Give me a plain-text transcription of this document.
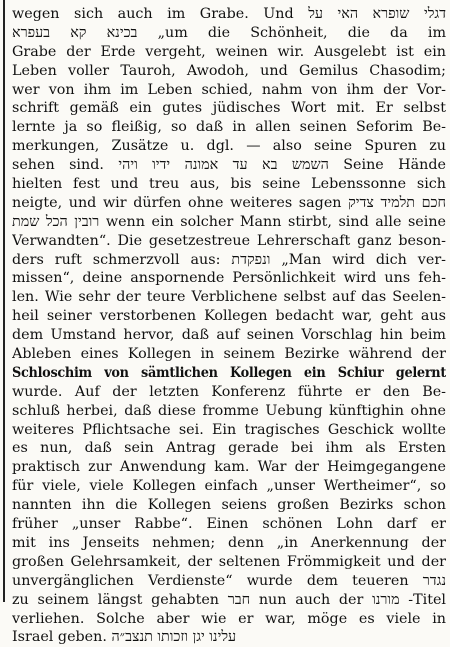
wegen sich auch im Grabe. Und דגלי שופרא האי על
בכינא קא בעפרא „um die Schönheit, die da im
Grabe der Erde vergeht, weinen wir. Ausgelebt ist ein
Leben voller Tauroh, Awodoh, und Gemilus Chasodim;
wer von ihm im Leben schied, nahm von ihm der Vor-
schrift gemäß ein gutes jüdisches Wort mit. Er selbst
lernte ja so fleißig, so daß in allen seinen Seforim Be-
merkungen, Zusätze u. dgl. — also seine Spuren zu
sehen sind. השמש בא עד אמונה ידיו ויהי Seine Hände
hielten fest und treu aus, bis seine Lebenssonne sich
neigte, und wir dürfen ohne weiteres sagen חכם תלמיד צדיק
רובין הכל שמת wenn ein solcher Mann stirbt, sind alle seine
Verwandten“. Die gesetzestreue Lehrerschaft ganz beson-
ders ruft schmerzvoll aus: ונפקדת „Man wird dich ver-
missen“, deine anspornende Persönlichkeit wird uns feh-
len. Wie sehr der teure Verblichene selbst auf das Seelen-
heil seiner verstorbenen Kollegen bedacht war, geht aus
dem Umstand hervor, daß auf seinen Vorschlag hin beim
Ableben eines Kollegen in seinem Bezirke während der
Schloschim von sämtlichen Kollegen ein Schiur gelernt
wurde. Auf der letzten Konferenz führte er den Be-
schluß herbei, daß diese fromme Uebung künftighin ohne
weiteres Pflichtsache sei. Ein tragisches Geschick wollte
es nun, daß sein Antrag gerade bei ihm als Ersten
praktisch zur Anwendung kam. War der Heimgegangene
für viele, viele Kollegen einfach „unser Wertheimer“, so
nannten ihn die Kollegen seiens großen Bezirks schon
früher „unser Rabbe“. Einen schönen Lohn darf er
mit ins Jenseits nehmen; denn „in Anerkennung der
großen Gelehrsamkeit, der seltenen Frömmigkeit und der
unvergänglichen Verdienste“ wurde dem teueren נגדר
zu seinem längst gehabten חבר nun auch der מורנו -Titel
verliehen. Solche aber wie er war, möge es viele in
Israel geben. עלינו יגן וזכותו תנצב״ה
